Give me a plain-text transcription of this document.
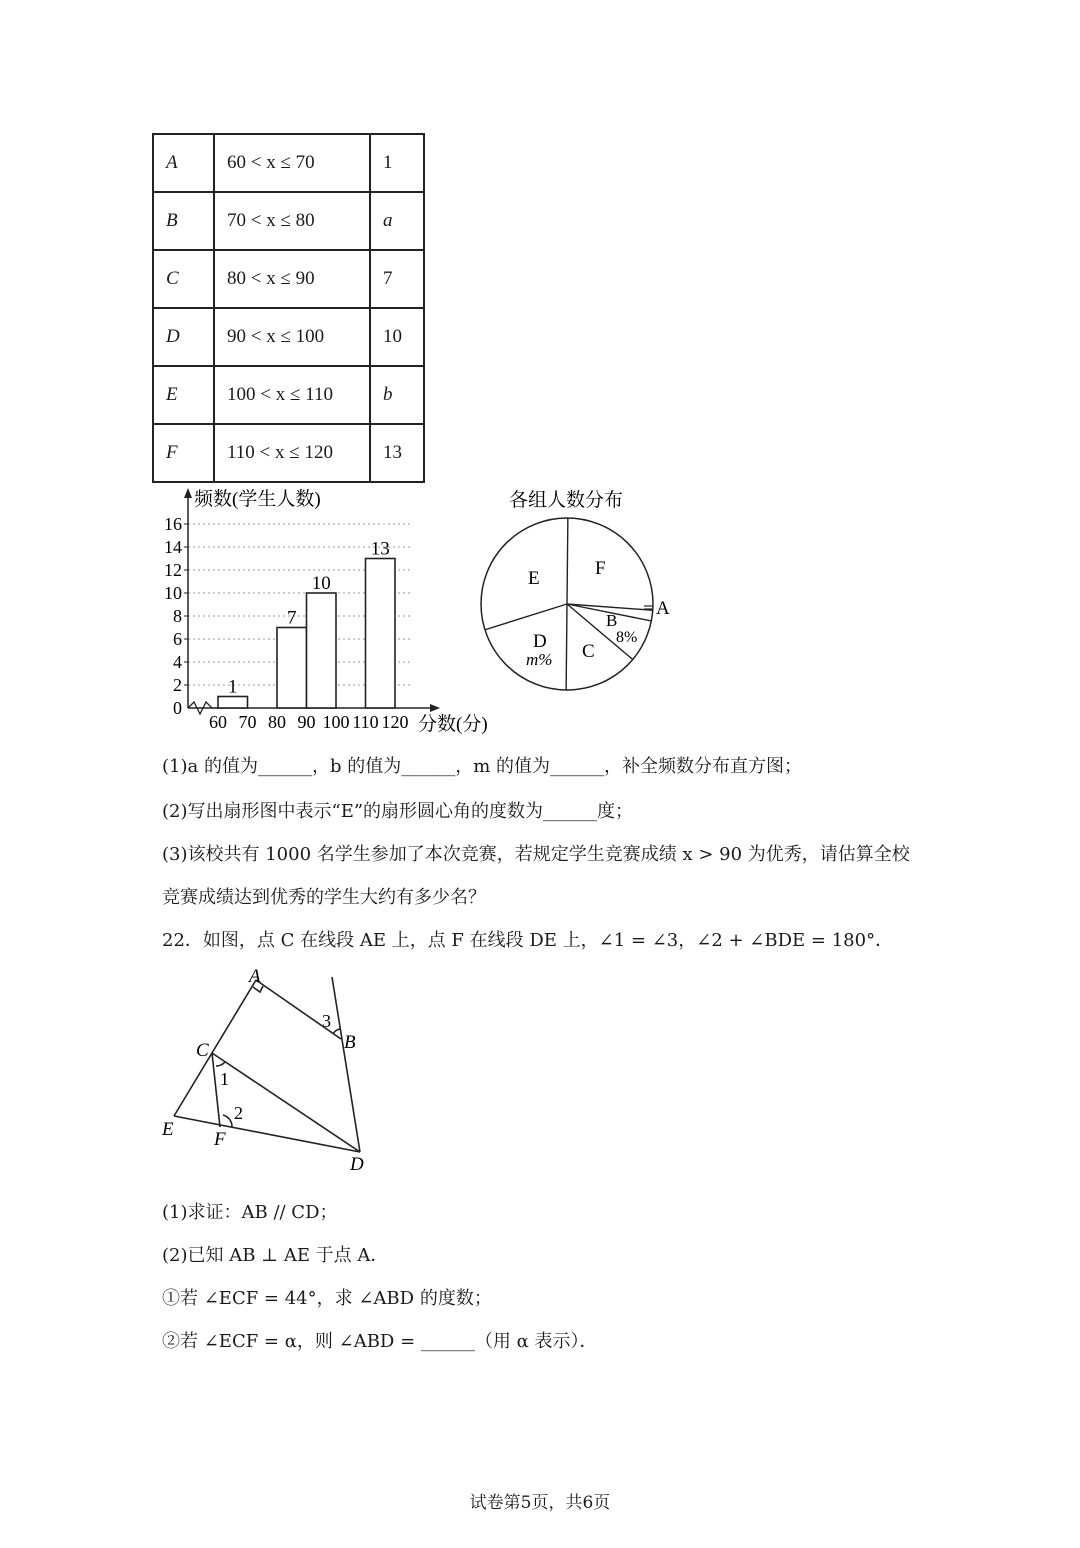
A	60 < x ≤ 70	1
B	70 < x ≤ 80	a
C	80 < x ≤ 90	7
D	90 < x ≤ 100	10
E	100 < x ≤ 110	b
F	110 < x ≤ 120	13
1
7
10
13
0
2
4
6
8
10
12
14
16
60 70 80 90 100 110 120
频数(学生人数)
分数(分)
各组人数分布
F
A
B
8%
C
D
m%
E
(1)a 的值为______，b 的值为______，m 的值为______，补全频数分布直方图；
(2)写出扇形图中表示“E”的扇形圆心角的度数为______度；
(3)该校共有 1000 名学生参加了本次竞赛，若规定学生竞赛成绩 x > 90 为优秀，请估算全校
竞赛成绩达到优秀的学生大约有多少名？
22．如图，点 C 在线段 AE 上，点 F 在线段 DE 上，∠1 = ∠3，∠2 + ∠BDE = 180°．
A
B
C
D
E F
1
2
3
(1)求证：AB // CD；
(2)已知 AB ⊥ AE 于点 A．
①若 ∠ECF = 44°，求 ∠ABD 的度数；
②若 ∠ECF = α，则 ∠ABD = ______（用 α 表示）．
试卷第5页，共6页
